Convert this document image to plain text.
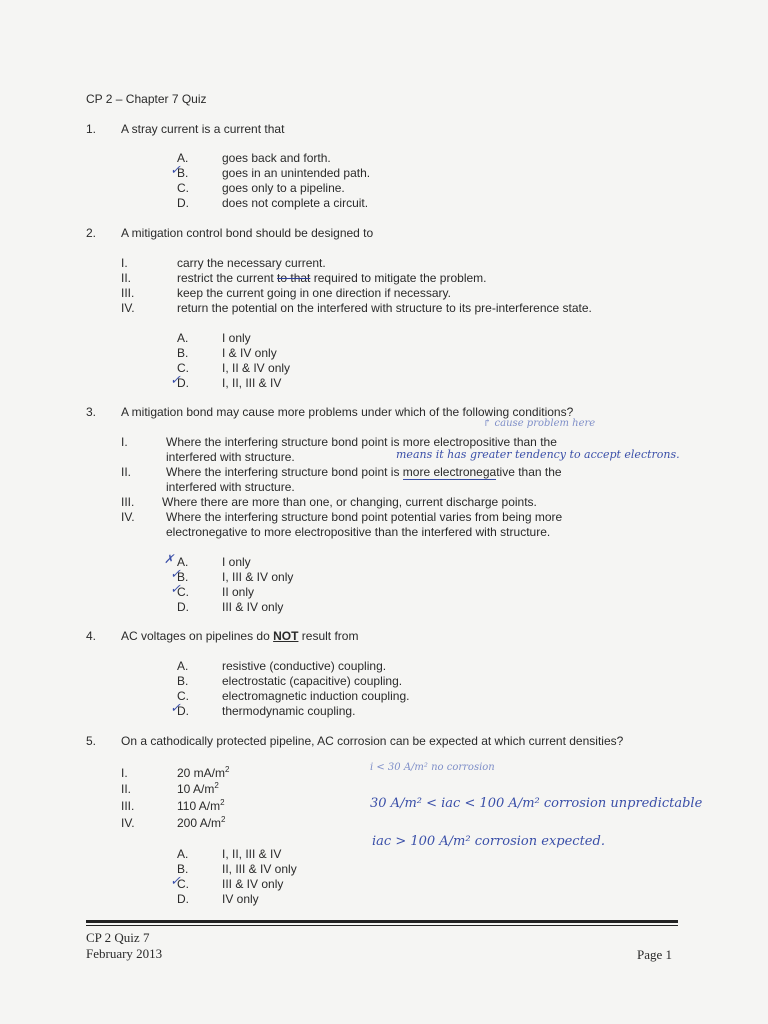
CP 2 – Chapter 7 Quiz
1. A stray current is a current that
A.	goes back and forth.
B.	goes in an unintended path.
C.	goes only to a pipeline.
D.	does not complete a circuit.
✓
2. A mitigation control bond should be designed to
I.	carry the necessary current.
II.	restrict the current to that required to mitigate the problem.
III.	keep the current going in one direction if necessary.
IV.	return the potential on the interfered with structure to its pre-interference state.
A.	I only
B.	I & IV only
C.	I, II & IV only
D.	I, II, III & IV
✓
3. A mitigation bond may cause more problems under which of the following conditions?
↱ cause problem here
I.	Where the interfering structure bond point is more electropositive than the
interfered with structure.	means it has greater tendency to accept electrons.
II.	Where the interfering structure bond point is more electronegative than the
interfered with structure.
III. Where there are more than one, or changing, current discharge points.
IV.	Where the interfering structure bond point potential varies from being more
electronegative to more electropositive than the interfered with structure.
A.	I only
B.	I, III & IV only
C.	II only
D.	III & IV only
✗
✓
✓
4. AC voltages on pipelines do NOT result from
A.	resistive (conductive) coupling.
B.	electrostatic (capacitive) coupling.
C.	electromagnetic induction coupling.
D.	thermodynamic coupling.
✓
5. On a cathodically protected pipeline, AC corrosion can be expected at which current densities?
I.	20 $mA/m^2$
II.	10 $A/m^2$
III.	110 $A/m^2$
IV.	200 $A/m^2$
i < 30 A/m² no corrosion
30 A/m² < iac < 100 A/m² corrosion unpredictable
iac > 100 A/m² corrosion expected.
A.	I, II, III & IV
B.	II, III & IV only
C.	III & IV only
D.	IV only
✓
CP 2 Quiz 7
February 2013	Page 1
